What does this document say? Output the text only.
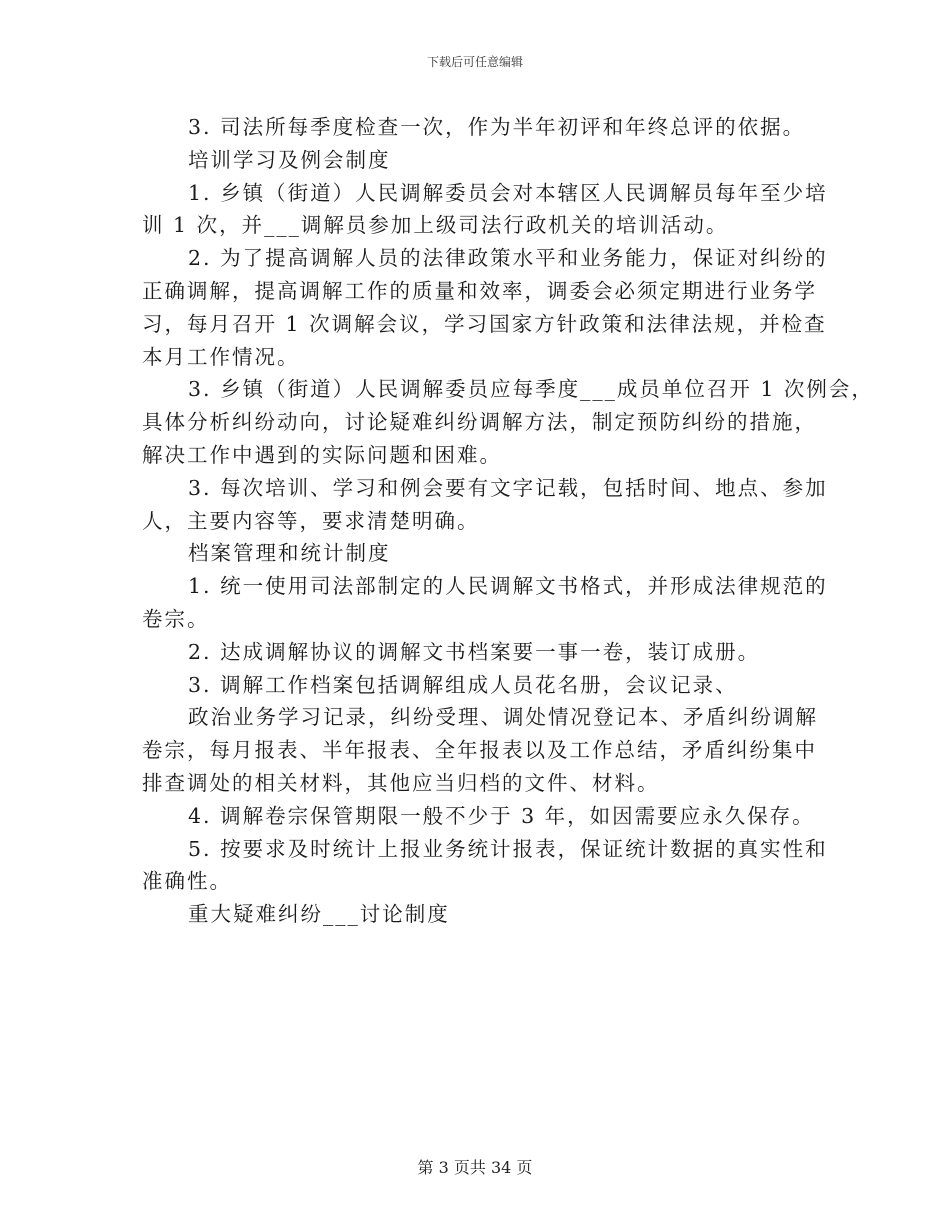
下载后可任意编辑

3. 司法所每季度检查一次，作为半年初评和年终总评的依据。

培训学习及例会制度

1. 乡镇（街道）人民调解委员会对本辖区人民调解员每年至少培

训 1 次，并___调解员参加上级司法行政机关的培训活动。

2. 为了提高调解人员的法律政策水平和业务能力，保证对纠纷的

正确调解，提高调解工作的质量和效率，调委会必须定期进行业务学

习，每月召开 1 次调解会议，学习国家方针政策和法律法规，并检查

本月工作情况。

3. 乡镇（街道）人民调解委员应每季度___成员单位召开 1 次例会，

具体分析纠纷动向，讨论疑难纠纷调解方法，制定预防纠纷的措施，

解决工作中遇到的实际问题和困难。

3. 每次培训、学习和例会要有文字记载，包括时间、地点、参加

人，主要内容等，要求清楚明确。

档案管理和统计制度

1. 统一使用司法部制定的人民调解文书格式，并形成法律规范的

卷宗。

2. 达成调解协议的调解文书档案要一事一卷，装订成册。

3. 调解工作档案包括调解组成人员花名册，会议记录、

政治业务学习记录，纠纷受理、调处情况登记本、矛盾纠纷调解

卷宗，每月报表、半年报表、全年报表以及工作总结，矛盾纠纷集中

排查调处的相关材料，其他应当归档的文件、材料。

4. 调解卷宗保管期限一般不少于 3 年，如因需要应永久保存。

5. 按要求及时统计上报业务统计报表，保证统计数据的真实性和

准确性。

重大疑难纠纷___讨论制度

第 3 页共 34 页
